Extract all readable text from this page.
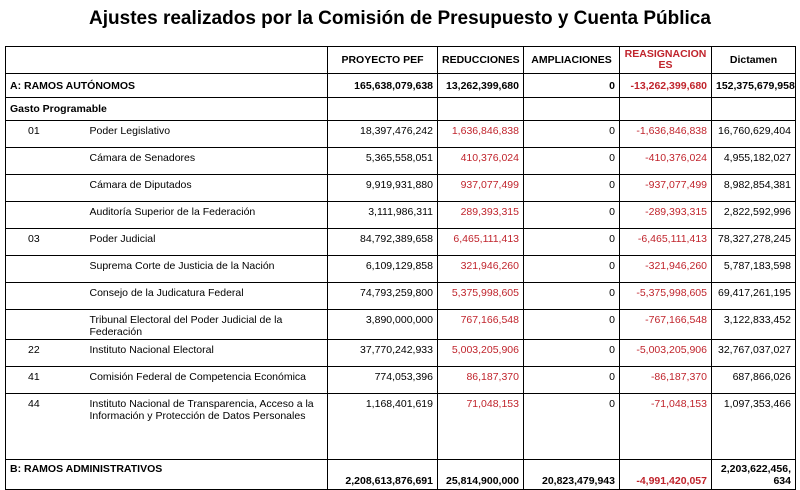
Ajustes realizados por la Comisión de Presupuesto y Cuenta Pública
		PROYECTO PEF	REDUCCIONES	AMPLIACIONES	REASIGNACIONES	Dictamen
A: RAMOS AUTÓNOMOS		165,638,079,638	13,262,399,680	0	-13,262,399,680	152,375,679,958
Gasto Programable						
01	Poder Legislativo	18,397,476,242	1,636,846,838	0	-1,636,846,838	16,760,629,404
	Cámara de Senadores	5,365,558,051	410,376,024	0	-410,376,024	4,955,182,027
	Cámara de Diputados	9,919,931,880	937,077,499	0	-937,077,499	8,982,854,381
	Auditoría Superior de la Federación	3,111,986,311	289,393,315	0	-289,393,315	2,822,592,996
03	Poder Judicial	84,792,389,658	6,465,111,413	0	-6,465,111,413	78,327,278,245
	Suprema Corte de Justicia de la Nación	6,109,129,858	321,946,260	0	-321,946,260	5,787,183,598
	Consejo de la Judicatura Federal	74,793,259,800	5,375,998,605	0	-5,375,998,605	69,417,261,195
	Tribunal Electoral del Poder Judicial de la Federación	3,890,000,000	767,166,548	0	-767,166,548	3,122,833,452
22	Instituto Nacional Electoral	37,770,242,933	5,003,205,906	0	-5,003,205,906	32,767,037,027
41	Comisión Federal de Competencia Económica	774,053,396	86,187,370	0	-86,187,370	687,866,026
44	Instituto Nacional de Transparencia, Acceso a la Información y Protección de Datos Personales	1,168,401,619	71,048,153	0	-71,048,153	1,097,353,466
B: RAMOS ADMINISTRATIVOS		2,208,613,876,691	25,814,900,000	20,823,479,943	-4,991,420,057	2,203,622,456,634
